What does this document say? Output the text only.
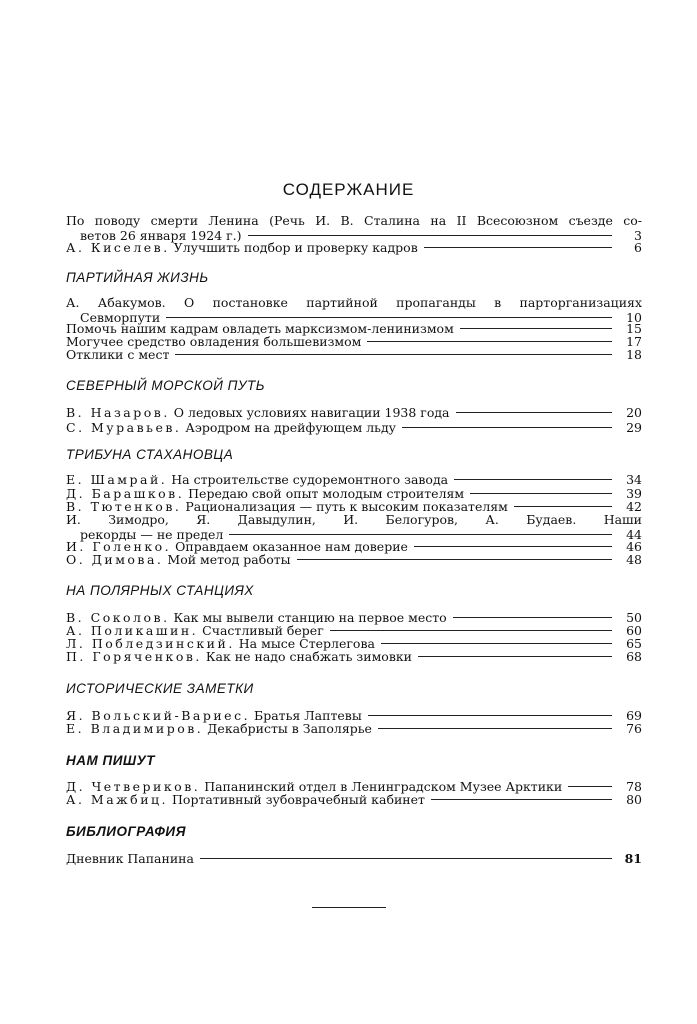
СОДЕРЖАНИЕ
По поводу смерти Ленина (Речь И. В. Сталина на II Всесоюзном съезде со-
ветов 26 января 1924 г.)	3
А. Киселев. Улучшить подбор и проверку кадров	6
ПАРТИЙНАЯ ЖИЗНЬ
А. Абакумов. О постановке партийной пропаганды в парторганизациях
Севморпути	10
Помочь нашим кадрам овладеть марксизмом-ленинизмом	15
Могучее средство овладения большевизмом	17
Отклики с мест	18
СЕВЕРНЫЙ МОРСКОЙ ПУТЬ
В. Назаров. О ледовых условиях навигации 1938 года	20
С. Муравьев. Аэродром на дрейфующем льду	29
ТРИБУНА СТАХАНОВЦА
Е. Шамрай. На строительстве судоремонтного завода	34
Д. Барашков. Передаю свой опыт молодым строителям	39
В. Тютенков. Рационализация — путь к высоким показателям	42
И. Зимодро, Я. Давыдулин, И. Белогуров, А. Будаев. Наши
рекорды — не предел	44
И. Голенко. Оправдаем оказанное нам доверие	46
О. Димова. Мой метод работы	48
НА ПОЛЯРНЫХ СТАНЦИЯХ
В. Соколов. Как мы вывели станцию на первое место	50
А. Поликашин. Счастливый берег	60
Л. Побледзинский. На мысе Стерлегова	65
П. Горяченков. Как не надо снабжать зимовки	68
ИСТОРИЧЕСКИЕ ЗАМЕТКИ
Я. Вольский-Вариес. Братья Лаптевы	69
Е. Владимиров. Декабристы в Заполярье	76
НАМ ПИШУТ
Д. Четвериков. Папанинский отдел в Ленинградском Музее Арктики	78
А. Мажбиц. Портативный зубоврачебный кабинет	80
БИБЛИОГРАФИЯ
Дневник Папанина	81
